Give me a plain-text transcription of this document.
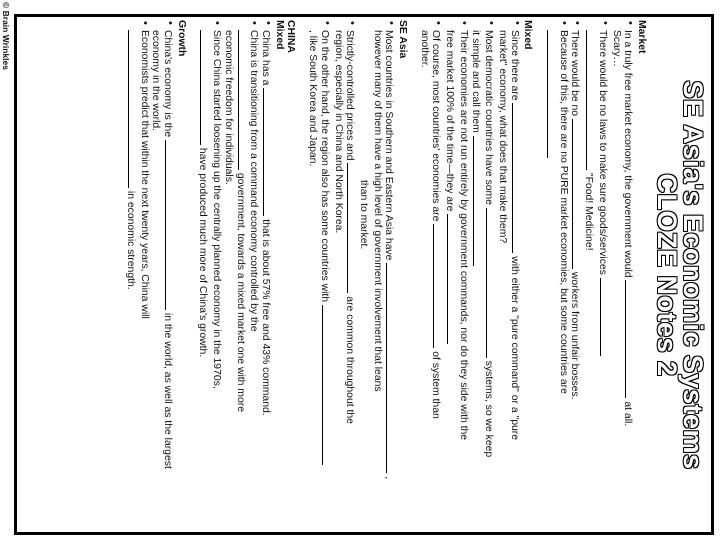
SE Asia's Economic Systems
CLOZE Notes 2
Market
• In a truly free market economy, the government would  at all.
Scary…
• There would be no laws to make sure goods/services
"Food! Medicine!
• There would be no  workers from unfair bosses.
• Because of this, there are no PURE market economies, but some countries are
Mixed
• Since there are  with either a "pure command" or a "pure
market" economy, what does that make them?
• Most democratic countries have some  systems, so we keep
it simple and call them
• Their economies are not run entirely by government commands, nor do they side with the
free market 100% of the time—they are
• Of course, most countries' economies are  of system than
another.
SE Asia
• Most countries in Southern and Eastern Asia have  ,
however many of them have a high level of government involvement that leans
than to market.
• Strictly-controlled prices and  are common throughout the
region, especially in China and North Korea.
• On the other hand, the region also has some countries with
, like South Korea and Japan.
CHINA
Mixed
• China has a  that is about 57% free and 43% command.
• China is transitioning from a command economy controlled by the
government, towards a mixed market one with more
economic freedom for individuals.
• Since China started loosening up the centrally planned economy in the 1970s,
have produced much more of China's growth.
Growth
• China's economy is the  in the world, as well as the largest
economy in the world.
• Economists predict that within the next twenty years, China will
in economic strength.
© Brain Wrinkles
